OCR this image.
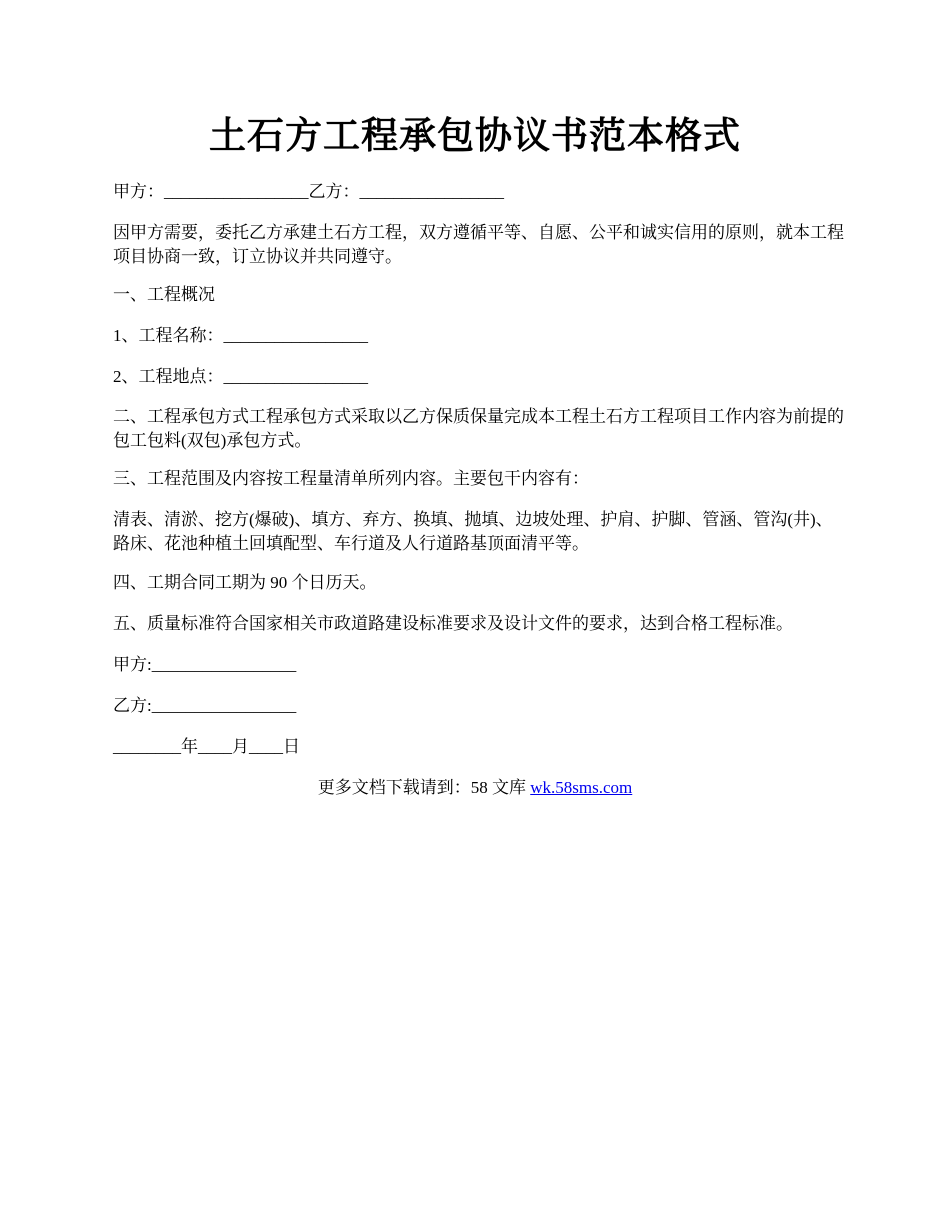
土石方工程承包协议书范本格式
甲方：_________________乙方：_________________
因甲方需要，委托乙方承建土石方工程，双方遵循平等、自愿、公平和诚实信用的原则，就本工程项目协商一致，订立协议并共同遵守。
一、工程概况
1、工程名称：_________________
2、工程地点：_________________
二、工程承包方式工程承包方式采取以乙方保质保量完成本工程土石方工程项目工作内容为前提的包工包料(双包)承包方式。
三、工程范围及内容按工程量清单所列内容。主要包干内容有：
清表、清淤、挖方(爆破)、填方、弃方、换填、抛填、边坡处理、护肩、护脚、管涵、管沟(井)、路床、花池种植土回填配型、车行道及人行道路基顶面清平等。
四、工期合同工期为 90 个日历天。
五、质量标准符合国家相关市政道路建设标准要求及设计文件的要求，达到合格工程标准。
甲方:_________________
乙方:_________________
________年____月____日
更多文档下载请到：58 文库 wk.58sms.com
